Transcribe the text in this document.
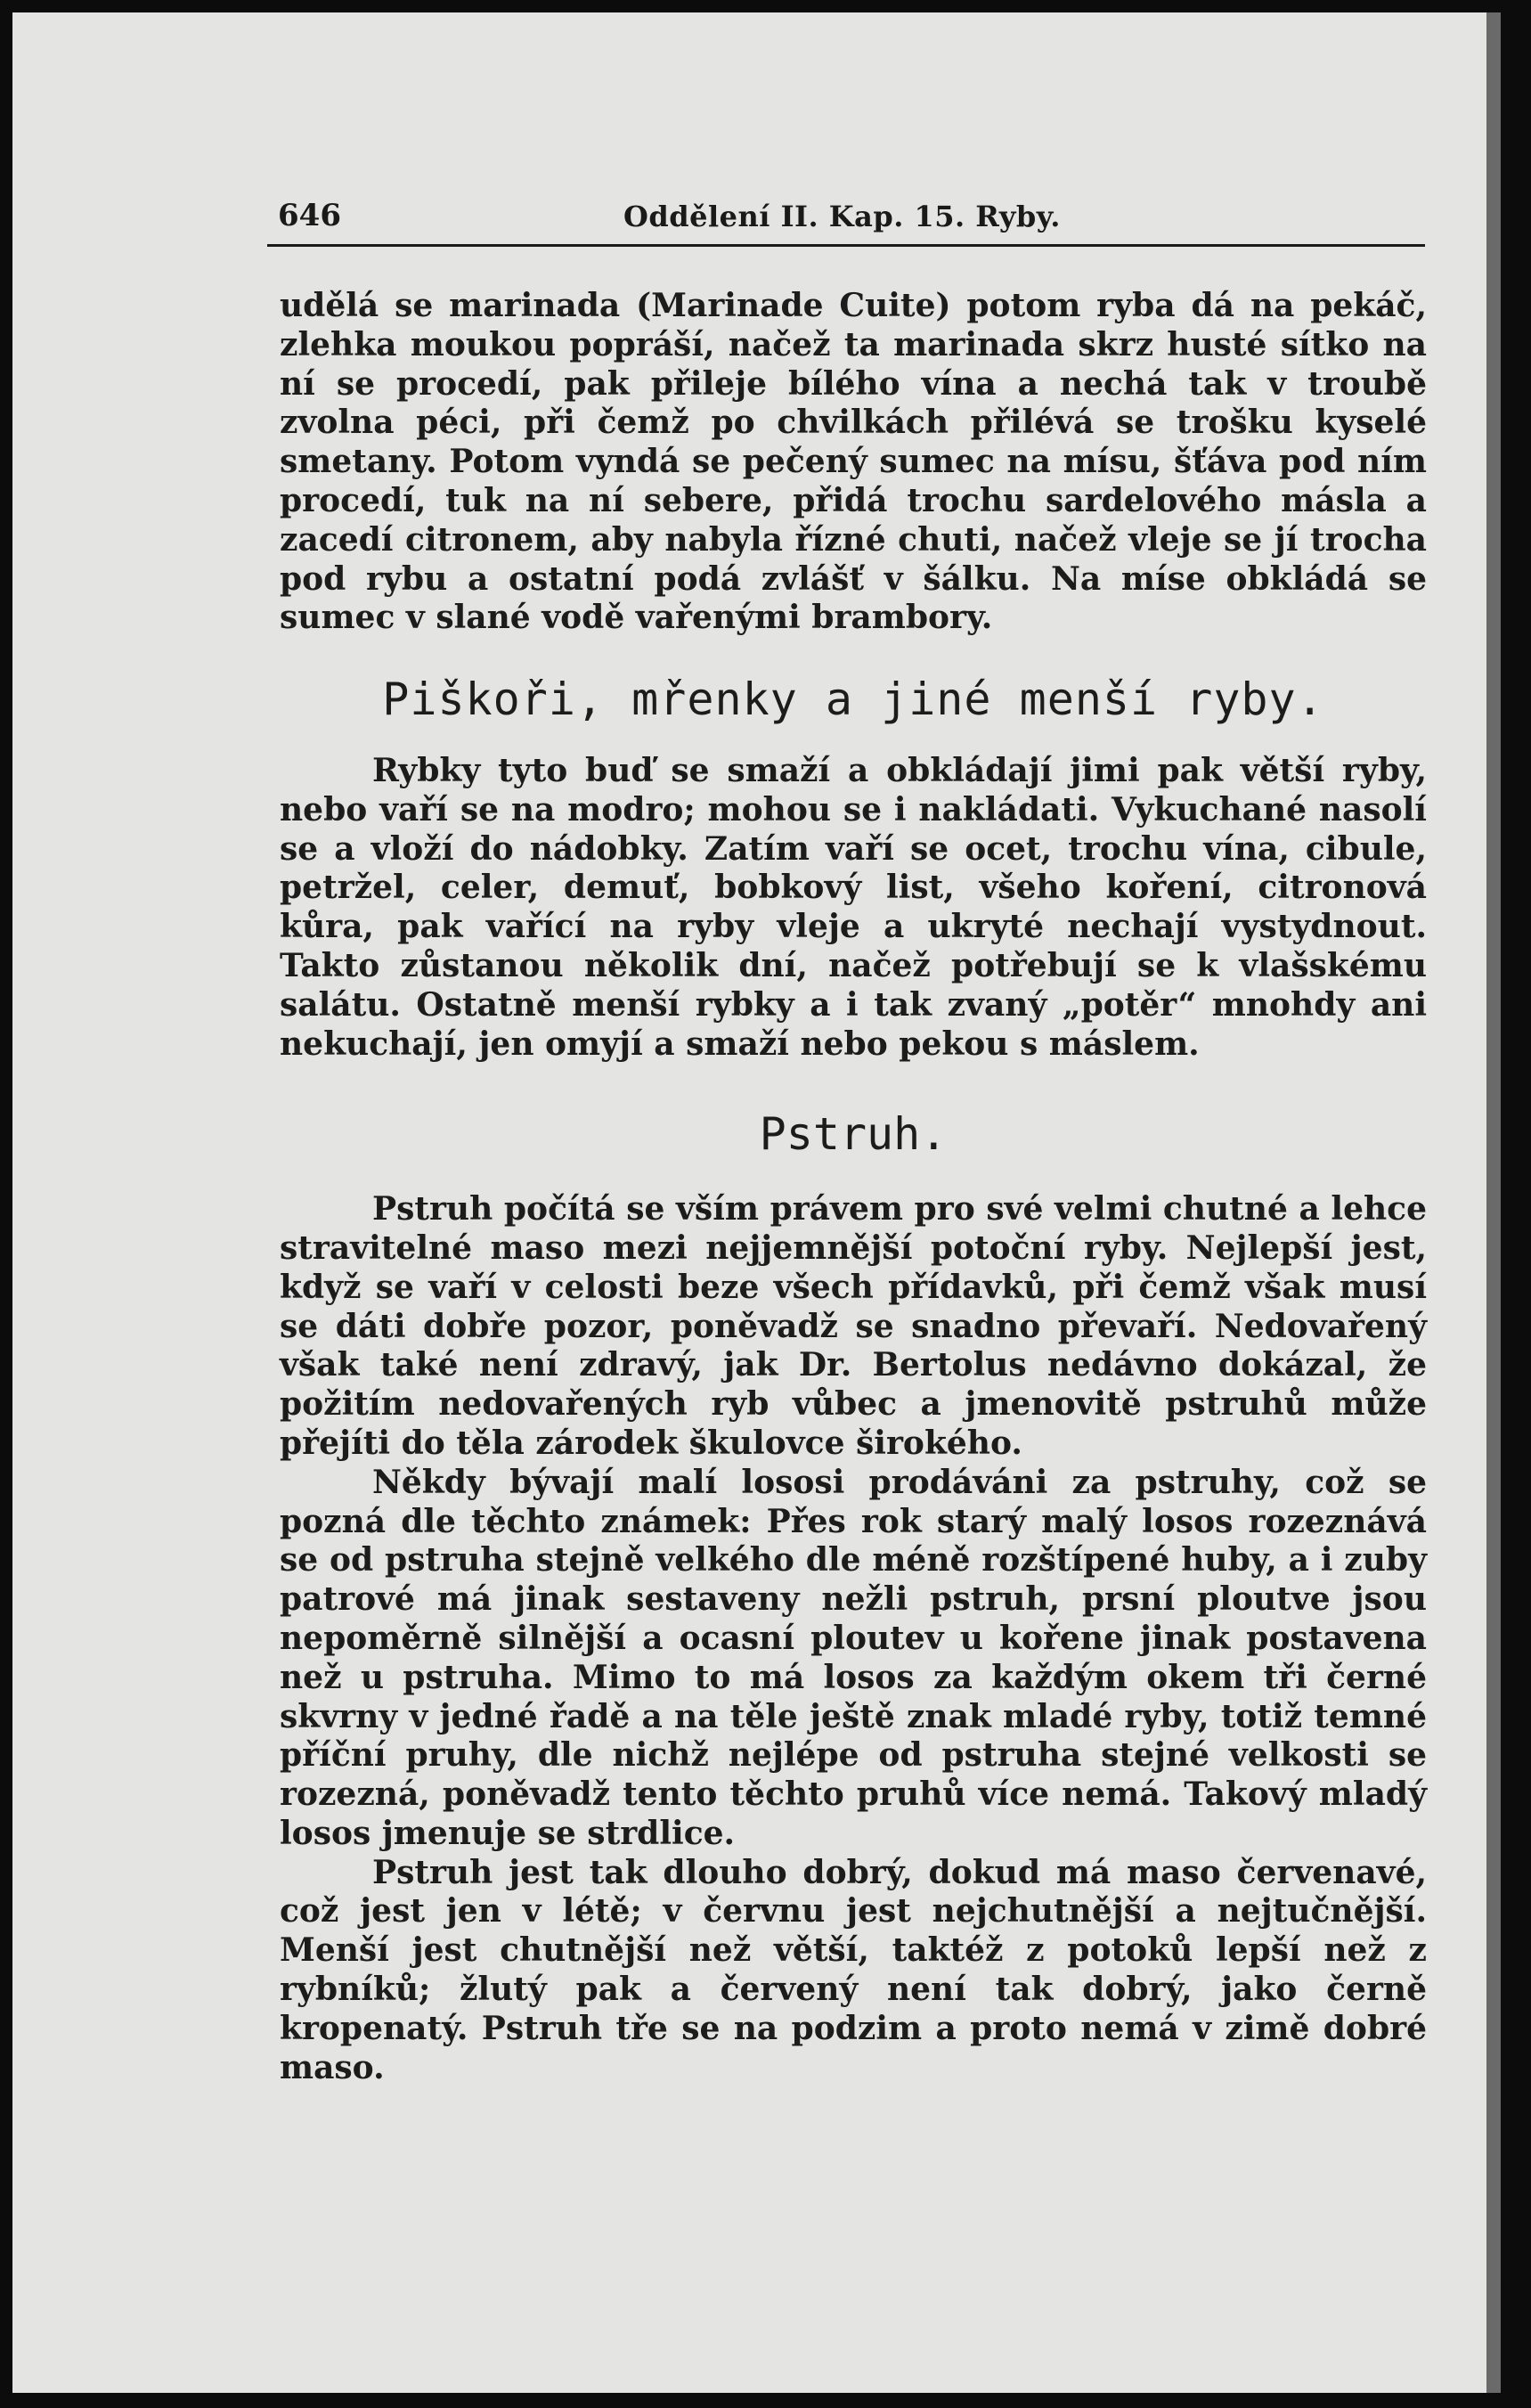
646	Oddělení II. Kap. 15. Ryby.

udělá se marinada (Marinade Cuite) potom ryba dá na pekáč, zlehka moukou popráší, načež ta marinada skrz husté sítko na ní se procedí, pak přileje bílého vína a nechá tak v troubě zvolna péci, při čemž po chvilkách přilévá se trošku kyselé smetany. Potom vyndá se pečený sumec na mísu, šťáva pod ním procedí, tuk na ní sebere, přidá trochu sardelového másla a zacedí citronem, aby nabyla řízné chuti, načež vleje se jí trocha pod rybu a ostatní podá zvlášť v šálku. Na míse obkládá se sumec v slané vodě vařenými brambory.

Piškoři, mřenky a jiné menší ryby.

Rybky tyto buď se smaží a obkládají jimi pak větší ryby, nebo vaří se na modro; mohou se i nakládati. Vykuchané nasolí se a vloží do nádobky. Zatím vaří se ocet, trochu vína, cibule, petržel, celer, demuť, bobkový list, všeho koření, citronová kůra, pak vařící na ryby vleje a ukryté nechají vystydnout. Takto zůstanou několik dní, načež potřebují se k vlašskému salátu. Ostatně menší rybky a i tak zvaný „potěr“ mnohdy ani nekuchají, jen omyjí a smaží nebo pekou s máslem.

Pstruh.

Pstruh počítá se vším právem pro své velmi chutné a lehce stravitelné maso mezi nejjemnější potoční ryby. Nejlepší jest, když se vaří v celosti beze všech přídavků, při čemž však musí se dáti dobře pozor, poněvadž se snadno převaří. Nedovařený však také není zdravý, jak Dr. Bertolus nedávno dokázal, že požitím nedovařených ryb vůbec a jmenovitě pstruhů může přejíti do těla zárodek škulovce širokého.

Někdy bývají malí lososi prodáváni za pstruhy, což se pozná dle těchto známek: Přes rok starý malý losos rozeznává se od pstruha stejně velkého dle méně rozštípené huby, a i zuby patrové má jinak sestaveny nežli pstruh, prsní ploutve jsou nepoměrně silnější a ocasní ploutev u kořene jinak postavena než u pstruha. Mimo to má losos za každým okem tři černé skvrny v jedné řadě a na těle ještě znak mladé ryby, totiž temné příční pruhy, dle nichž nejlépe od pstruha stejné velkosti se rozezná, poněvadž tento těchto pruhů více nemá. Takový mladý losos jmenuje se strdlice.

Pstruh jest tak dlouho dobrý, dokud má maso červenavé, což jest jen v létě; v červnu jest nejchutnější a nejtučnější. Menší jest chutnější než větší, taktéž z potoků lepší než z rybníků; žlutý pak a červený není tak dobrý, jako černě kropenatý. Pstruh tře se na podzim a proto nemá v zimě dobré maso.
